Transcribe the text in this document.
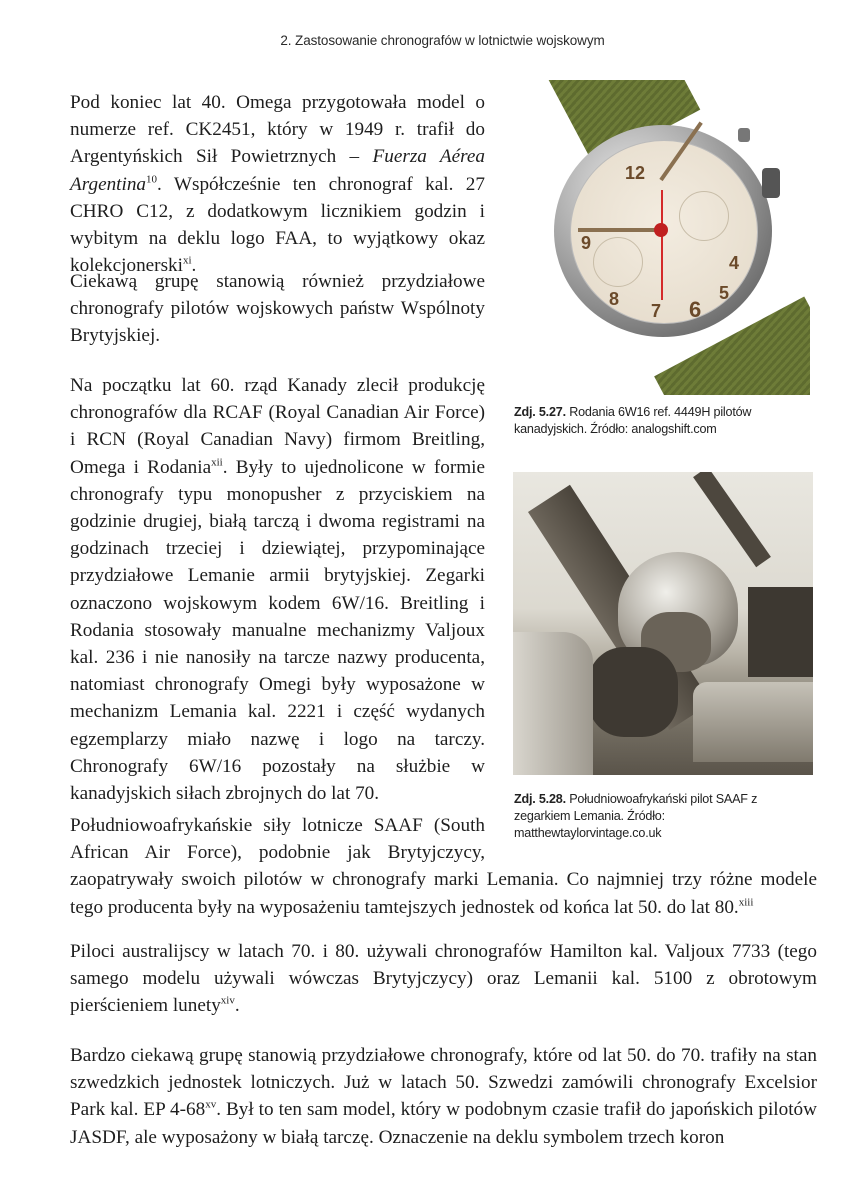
2. Zastosowanie chronografów w lotnictwie wojskowym

Pod koniec lat 40. Omega przygotowała model o numerze ref. CK2451, który w 1949 r. trafił do Argentyńskich Sił Powietrznych – Fuerza Aérea Argentina$^{10}$. Współcześnie ten chronograf kal. 27 CHRO C12, z dodatkowym licznikiem godzin i wybitym na deklu logo FAA, to wyjątkowy okaz kolekcjonerski$^{xi}$.

Ciekawą grupę stanowią również przydziałowe chronografy pilotów wojskowych państw Wspólnoty Brytyjskiej.

Na początku lat 60. rząd Kanady zlecił produkcję chronografów dla RCAF (Royal Canadian Air Force) i RCN (Royal Canadian Navy) firmom Breitling, Omega i Rodania$^{xii}$. Były to ujednolicone w formie chronografy typu monopusher z przyciskiem na godzinie drugiej, białą tarczą i dwoma registrami na godzinach trzeciej i dziewiątej, przypominające przydziałowe Lemanie armii brytyjskiej. Zegarki oznaczono wojskowym kodem 6W/16. Breitling i Rodania stosowały manualne mechanizmy Valjoux kal. 236 i nie nanosiły na tarcze nazwy producenta, natomiast chronografy Omegi były wyposażone w mechanizm Lemania kal. 2221 i część wydanych egzemplarzy miało nazwę i logo na tarczy. Chronografy 6W/16 pozostały na służbie w kanadyjskich siłach zbrojnych do lat 70.

Południowoafrykańskie siły lotnicze SAAF (South African Air Force), podobnie jak Brytyjczycy, zaopatrywały swoich pilotów w chronografy marki Lemania. Co najmniej trzy różne modele tego producenta były na wyposażeniu tamtejszych jednostek od końca lat 50. do lat 80.$^{xiii}$

Piloci australijscy w latach 70. i 80. używali chronografów Hamilton kal. Valjoux 7733 (tego samego modelu używali wówczas Brytyjczycy) oraz Lemanii kal. 5100 z obrotowym pierścieniem lunety$^{xiv}$.

Bardzo ciekawą grupę stanowią przydziałowe chronografy, które od lat 50. do 70. trafiły na stan szwedzkich jednostek lotniczych. Już w latach 50. Szwedzi zamówili chronografy Excelsior Park kal. EP 4-68$^{xv}$. Był to ten sam model, który w podobnym czasie trafił do japońskich pilotów JASDF, ale wyposażony w białą tarczę. Oznaczenie na deklu symbolem trzech koron

12
9
4
5
6
7
8
Zdj. 5.27. Rodania 6W16 ref. 4449H pilotów kanadyjskich. Źródło: analogshift.com
Zdj. 5.28. Południowoafrykański pilot SAAF z zegarkiem Lemania. Źródło: matthewtaylorvintage.co.uk
